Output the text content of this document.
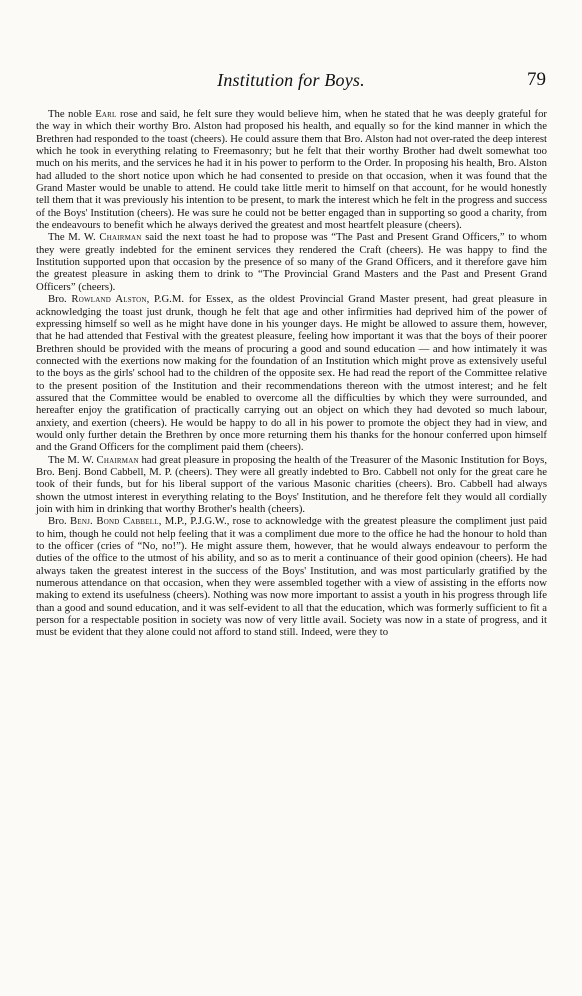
Institution for Boys.	79

The noble Earl rose and said, he felt sure they would believe him, when he stated that he was deeply grateful for the way in which their worthy Bro. Alston had proposed his health, and equally so for the kind manner in which the Brethren had responded to the toast (cheers). He could assure them that Bro. Alston had not over-rated the deep interest which he took in everything relating to Freemasonry; but he felt that their worthy Brother had dwelt somewhat too much on his merits, and the services he had it in his power to perform to the Order. In proposing his health, Bro. Alston had alluded to the short notice upon which he had consented to preside on that occasion, when it was found that the Grand Master would be unable to attend. He could take little merit to himself on that account, for he would honestly tell them that it was previously his intention to be present, to mark the interest which he felt in the progress and success of the Boys' Institution (cheers). He was sure he could not be better engaged than in supporting so good a charity, from the endeavours to benefit which he always derived the greatest and most heartfelt pleasure (cheers).

The M. W. Chairman said the next toast he had to propose was “The Past and Present Grand Officers,” to whom they were greatly indebted for the eminent services they rendered the Craft (cheers). He was happy to find the Institution supported upon that occasion by the presence of so many of the Grand Officers, and it therefore gave him the greatest pleasure in asking them to drink to “The Provincial Grand Masters and the Past and Present Grand Officers” (cheers).

Bro. Rowland Alston, P.G.M. for Essex, as the oldest Provincial Grand Master present, had great pleasure in acknowledging the toast just drunk, though he felt that age and other infirmities had deprived him of the power of expressing himself so well as he might have done in his younger days. He might be allowed to assure them, however, that he had attended that Festival with the greatest pleasure, feeling how important it was that the boys of their poorer Brethren should be provided with the means of procuring a good and sound education — and how intimately it was connected with the exertions now making for the foundation of an Institution which might prove as extensively useful to the boys as the girls' school had to the children of the opposite sex. He had read the report of the Committee relative to the present position of the Institution and their recommendations thereon with the utmost interest; and he felt assured that the Committee would be enabled to overcome all the difficulties by which they were surrounded, and hereafter enjoy the gratification of practically carrying out an object on which they had devoted so much labour, anxiety, and exertion (cheers). He would be happy to do all in his power to promote the object they had in view, and would only further detain the Brethren by once more returning them his thanks for the honour conferred upon himself and the Grand Officers for the compliment paid them (cheers).

The M. W. Chairman had great pleasure in proposing the health of the Treasurer of the Masonic Institution for Boys, Bro. Benj. Bond Cabbell, M. P. (cheers). They were all greatly indebted to Bro. Cabbell not only for the great care he took of their funds, but for his liberal support of the various Masonic charities (cheers). Bro. Cabbell had always shown the utmost interest in everything relating to the Boys' Institution, and he therefore felt they would all cordially join with him in drinking that worthy Brother's health (cheers).

Bro. Benj. Bond Cabbell, M.P., P.J.G.W., rose to acknowledge with the greatest pleasure the compliment just paid to him, though he could not help feeling that it was a compliment due more to the office he had the honour to hold than to the officer (cries of “No, no!”). He might assure them, however, that he would always endeavour to perform the duties of the office to the utmost of his ability, and so as to merit a continuance of their good opinion (cheers). He had always taken the greatest interest in the success of the Boys' Institution, and was most particularly gratified by the numerous attendance on that occasion, when they were assembled together with a view of assisting in the efforts now making to extend its usefulness (cheers). Nothing was now more important to assist a youth in his progress through life than a good and sound education, and it was self-evident to all that the education, which was formerly sufficient to fit a person for a respectable position in society was now of very little avail. Society was now in a state of progress, and it must be evident that they alone could not afford to stand still. Indeed, were they to
